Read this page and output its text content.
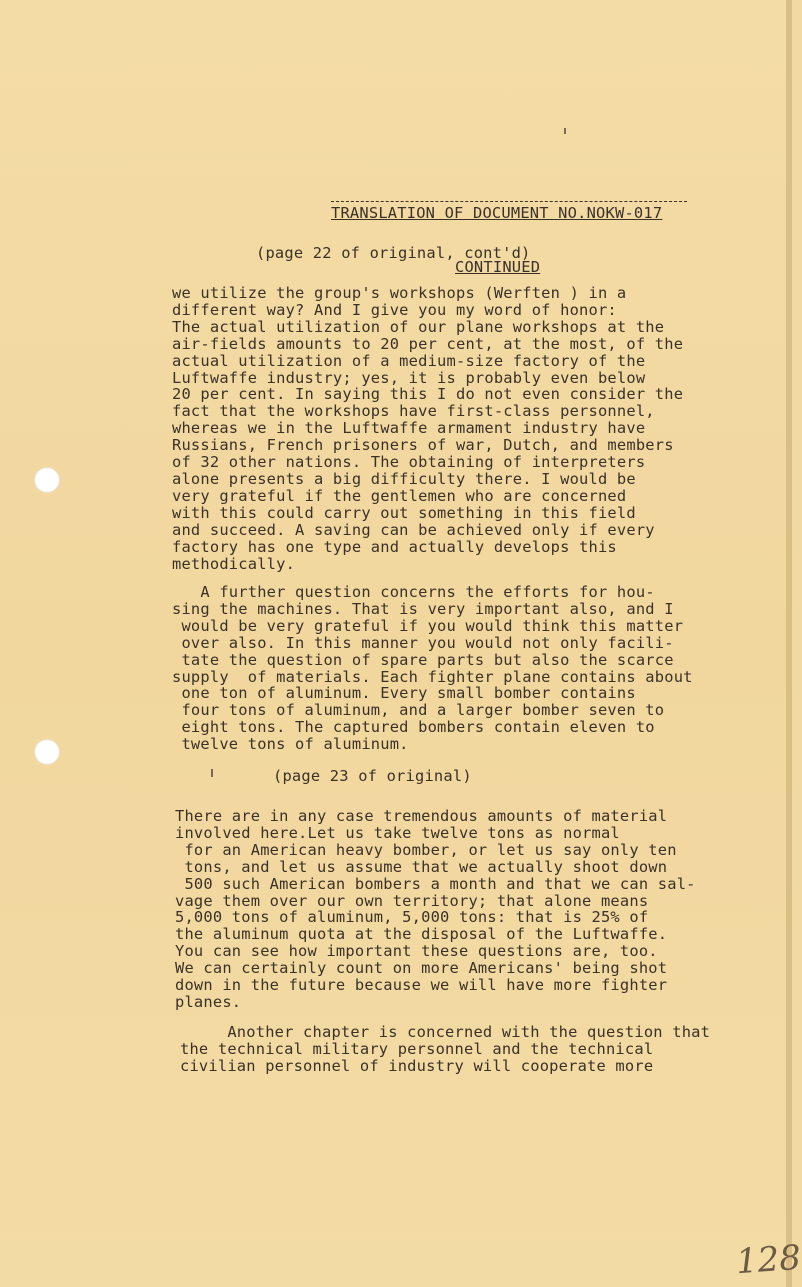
TRANSLATION OF DOCUMENT NO.NOKW-017

CONTINUED

(page 22 of original, cont'd)

we utilize the group's workshops (Werften ) in a
different way? And I give you my word of honor:
The actual utilization of our plane workshops at the
air-fields amounts to 20 per cent, at the most, of the
actual utilization of a medium-size factory of the
Luftwaffe industry; yes, it is probably even below
20 per cent. In saying this I do not even consider the
fact that the workshops have first-class personnel,
whereas we in the Luftwaffe armament industry have
Russians, French prisoners of war, Dutch, and members
of 32 other nations. The obtaining of interpreters
alone presents a big difficulty there. I would be
very grateful if the gentlemen who are concerned
with this could carry out something in this field
and succeed. A saving can be achieved only if every
factory has one type and actually develops this
methodically.

A further question concerns the efforts for hou-
sing the machines. That is very important also, and I
would be very grateful if you would think this matter
over also. In this manner you would not only facili-
tate the question of spare parts but also the scarce
supply  of materials. Each fighter plane contains about
one ton of aluminum. Every small bomber contains
four tons of aluminum, and a larger bomber seven to
eight tons. The captured bombers contain eleven to
twelve tons of aluminum.

(page 23 of original)

There are in any case tremendous amounts of material
involved here.Let us take twelve tons as normal
for an American heavy bomber, or let us say only ten
tons, and let us assume that we actually shoot down
500 such American bombers a month and that we can sal-
vage them over our own territory; that alone means
5,000 tons of aluminum, 5,000 tons: that is 25% of
the aluminum quota at the disposal of the Luftwaffe.
You can see how important these questions are, too.
We can certainly count on more Americans' being shot
down in the future because we will have more fighter
planes.

Another chapter is concerned with the question that
the technical military personnel and the technical
civilian personnel of industry will cooperate more

128
